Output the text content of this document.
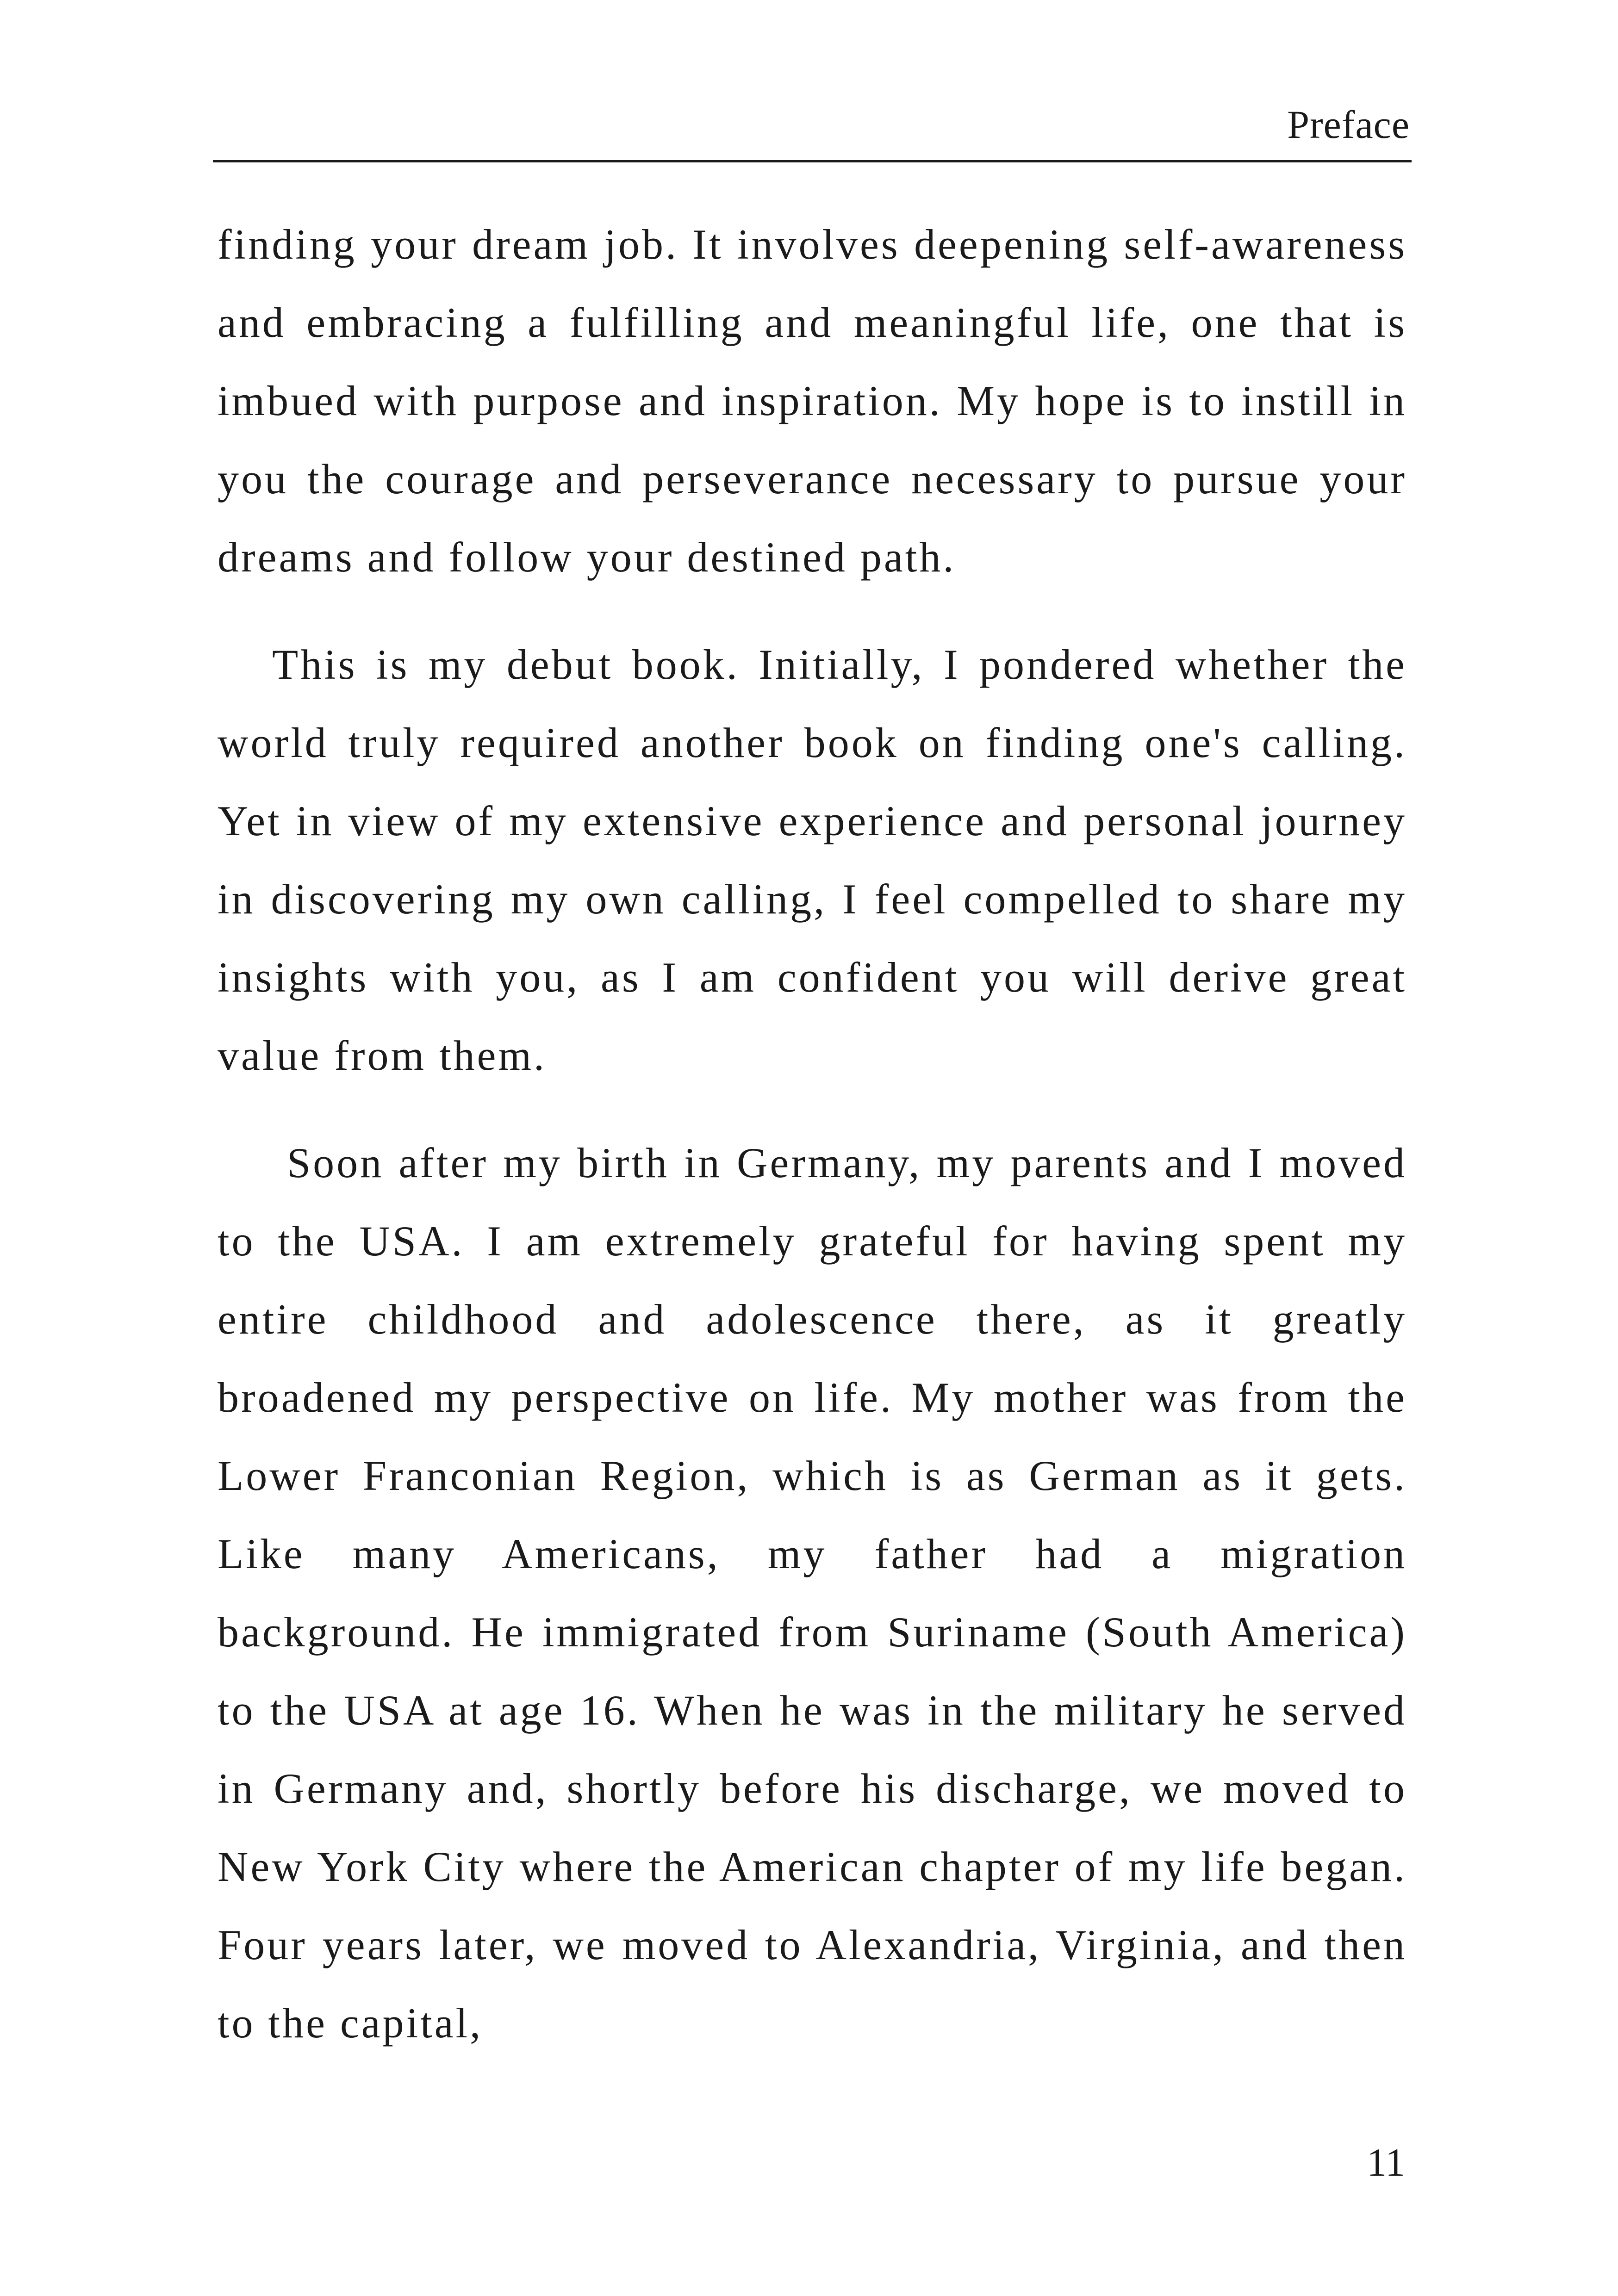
Preface

finding your dream job. It involves deepening self-awareness and embracing a fulfilling and meaningful life, one that is imbued with purpose and inspiration. My hope is to instill in you the courage and perseverance necessary to pursue your dreams and follow your destined path.

This is my debut book. Initially, I pondered whether the world truly required another book on finding one's calling. Yet in view of my extensive experience and personal journey in discovering my own calling, I feel compelled to share my insights with you, as I am confident you will derive great value from them.

Soon after my birth in Germany, my parents and I moved to the USA. I am extremely grateful for having spent my entire childhood and adolescence there, as it greatly broadened my perspective on life. My mother was from the Lower Franconian Region, which is as German as it gets. Like many Americans, my father had a migration background. He immigrated from Suriname (South America) to the USA at age 16. When he was in the military he served in Germany and, shortly before his discharge, we moved to New York City where the American chapter of my life began. Four years later, we moved to Alexandria, Virginia, and then to the capital,

11
